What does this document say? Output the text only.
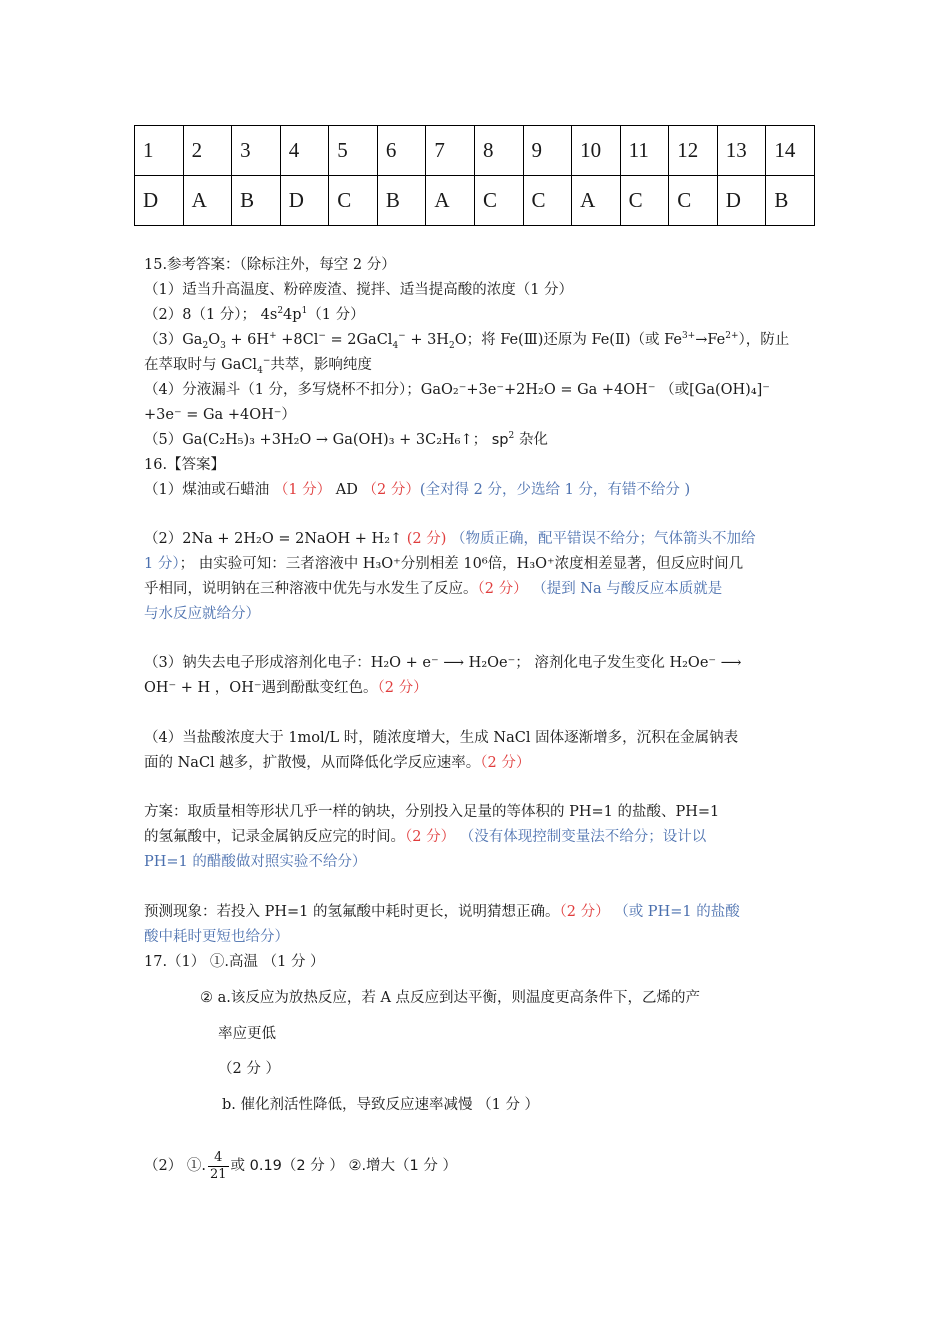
1	2	3	4	5	6	7	8	9	10	11	12	13	14
D	A	B	D	C	B	A	C	C	A	C	C	D	B
15.参考答案：（除标注外，每空 2 分）
（1）适当升高温度、粉碎废渣、搅拌、适当提高酸的浓度（1 分）
（2）8（1 分）； $4s^24p^1(1$ 分）
$(3)Ga_2O_3 + 6H^+ +8Cl^-$ = 2GaCl$_4$− + $3H_2O$；将 Fe(Ⅲ)还原为 Fe(Ⅱ)（或 $Fe^{3+}\to Fe^{2+}$），防止
在萃取时与 GaCl$_4$−共萃，影响纯度
（4）分液漏斗（1 分，多写烧杯不扣分）；GaO₂⁻+3e⁻+2H₂O = Ga +4OH⁻ （或[Ga(OH)₄]⁻
+3e⁻ = Ga +4OH⁻）
（5）Ga(C₂H₅)₃ +3H₂O → Ga(OH)₃ + 3C₂H₆↑； $sp^2$ 杂化
16.【答案】
（1）煤油或石蜡油 （1 分） AD （2 分）(全对得 2 分，少选给 1 分，有错不给分 )
（2）2Na + 2H₂O = 2NaOH + H₂↑ (2 分) （物质正确，配平错误不给分；气体箭头不加给
1 分）； 由实验可知：三者溶液中 H₃O⁺分别相差 10⁶倍，H₃O⁺浓度相差显著，但反应时间几
乎相同，说明钠在三种溶液中优先与水发生了反应。（2 分） （提到 Na 与酸反应本质就是
与水反应就给分）
（3）钠失去电子形成溶剂化电子：H₂O + e⁻ ⟶ H₂Oe⁻； 溶剂化电子发生变化 H₂Oe⁻ ⟶
OH⁻ + H ，OH⁻遇到酚酞变红色。（2 分）
（4）当盐酸浓度大于 1mol/L 时，随浓度增大，生成 NaCl 固体逐渐增多，沉积在金属钠表
面的 NaCl 越多，扩散慢，从而降低化学反应速率。（2 分）
方案：取质量相等形状几乎一样的钠块，分别投入足量的等体积的 PH=1 的盐酸、PH=1
的氢氟酸中，记录金属钠反应完的时间。（2 分） （没有体现控制变量法不给分；设计以
PH=1 的醋酸做对照实验不给分）
预测现象：若投入 PH=1 的氢氟酸中耗时更长，说明猜想正确。（2 分） （或 PH=1 的盐酸
酸中耗时更短也给分）
17.（1） ①.高温 （1 分 ）
② a.该反应为放热反应，若 A 点反应到达平衡，则温度更高条件下，乙烯的产
率应更低
（2 分 ）
b. 催化剂活性降低，导致反应速率减慢 （1 分 ）
（2） ①. $\frac{4}{21}$ 或 0.19（2 分 ） ②.增大（1 分 ）
